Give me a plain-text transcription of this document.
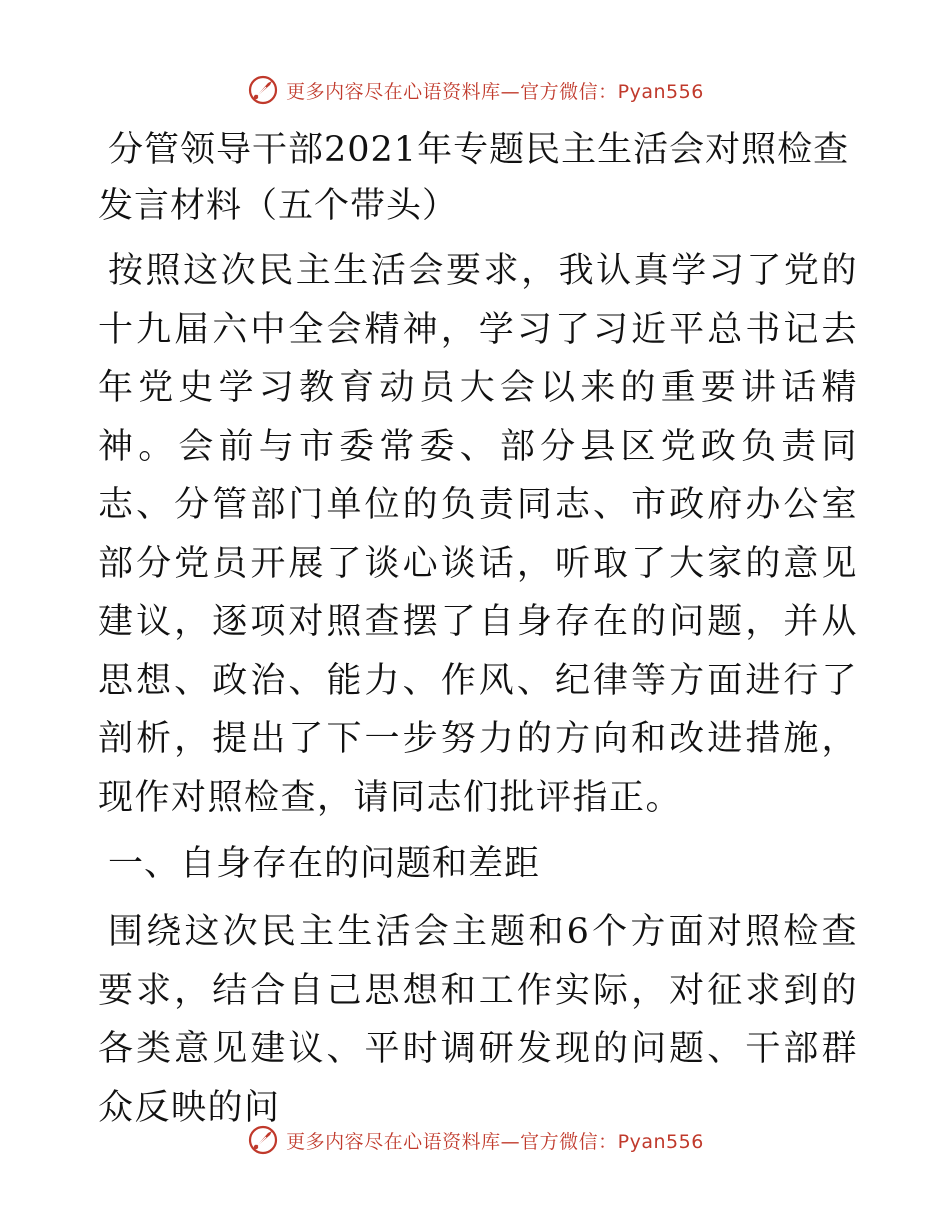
更多内容尽在心语资料库—官方微信：Pyan556
分管领导干部2021年专题民主生活会对照检查发言材料（五个带头）
按照这次民主生活会要求，我认真学习了党的十九届六中全会精神，学习了习近平总书记去年党史学习教育动员大会以来的重要讲话精神。会前与市委常委、部分县区党政负责同志、分管部门单位的负责同志、市政府办公室部分党员开展了谈心谈话，听取了大家的意见建议，逐项对照查摆了自身存在的问题，并从思想、政治、能力、作风、纪律等方面进行了剖析，提出了下一步努力的方向和改进措施，现作对照检查，请同志们批评指正。
一、自身存在的问题和差距
围绕这次民主生活会主题和6个方面对照检查要求，结合自己思想和工作实际，对征求到的各类意见建议、平时调研发现的问题、干部群众反映的问
更多内容尽在心语资料库—官方微信：Pyan556
